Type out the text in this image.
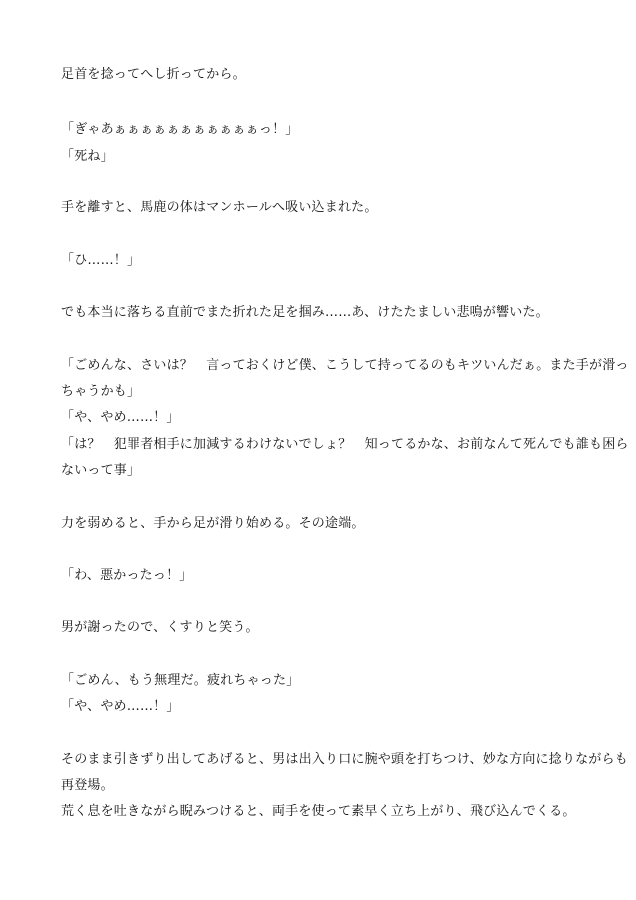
足首を捻ってへし折ってから。
「ぎゃあぁぁぁぁぁぁぁぁぁぁぁっ！」
「死ね」
手を離すと、馬鹿の体はマンホールへ吸い込まれた。
「ひ……！」
でも本当に落ちる直前でまた折れた足を掴み……あ、けたたましい悲鳴が響いた。
「ごめんな、さいは？　言っておくけど僕、こうして持ってるのもキツいんだぁ。また手が滑っ
ちゃうかも」
「や、やめ……！」
「は？　犯罪者相手に加減するわけないでしょ？　知ってるかな、お前なんて死んでも誰も困ら
ないって事」
力を弱めると、手から足が滑り始める。その途端。
「わ、悪かったっ！」
男が謝ったので、くすりと笑う。
「ごめん、もう無理だ。疲れちゃった」
「や、やめ……！」
そのまま引きずり出してあげると、男は出入り口に腕や頭を打ちつけ、妙な方向に捻りながらも
再登場。
荒く息を吐きながら睨みつけると、両手を使って素早く立ち上がり、飛び込んでくる。
